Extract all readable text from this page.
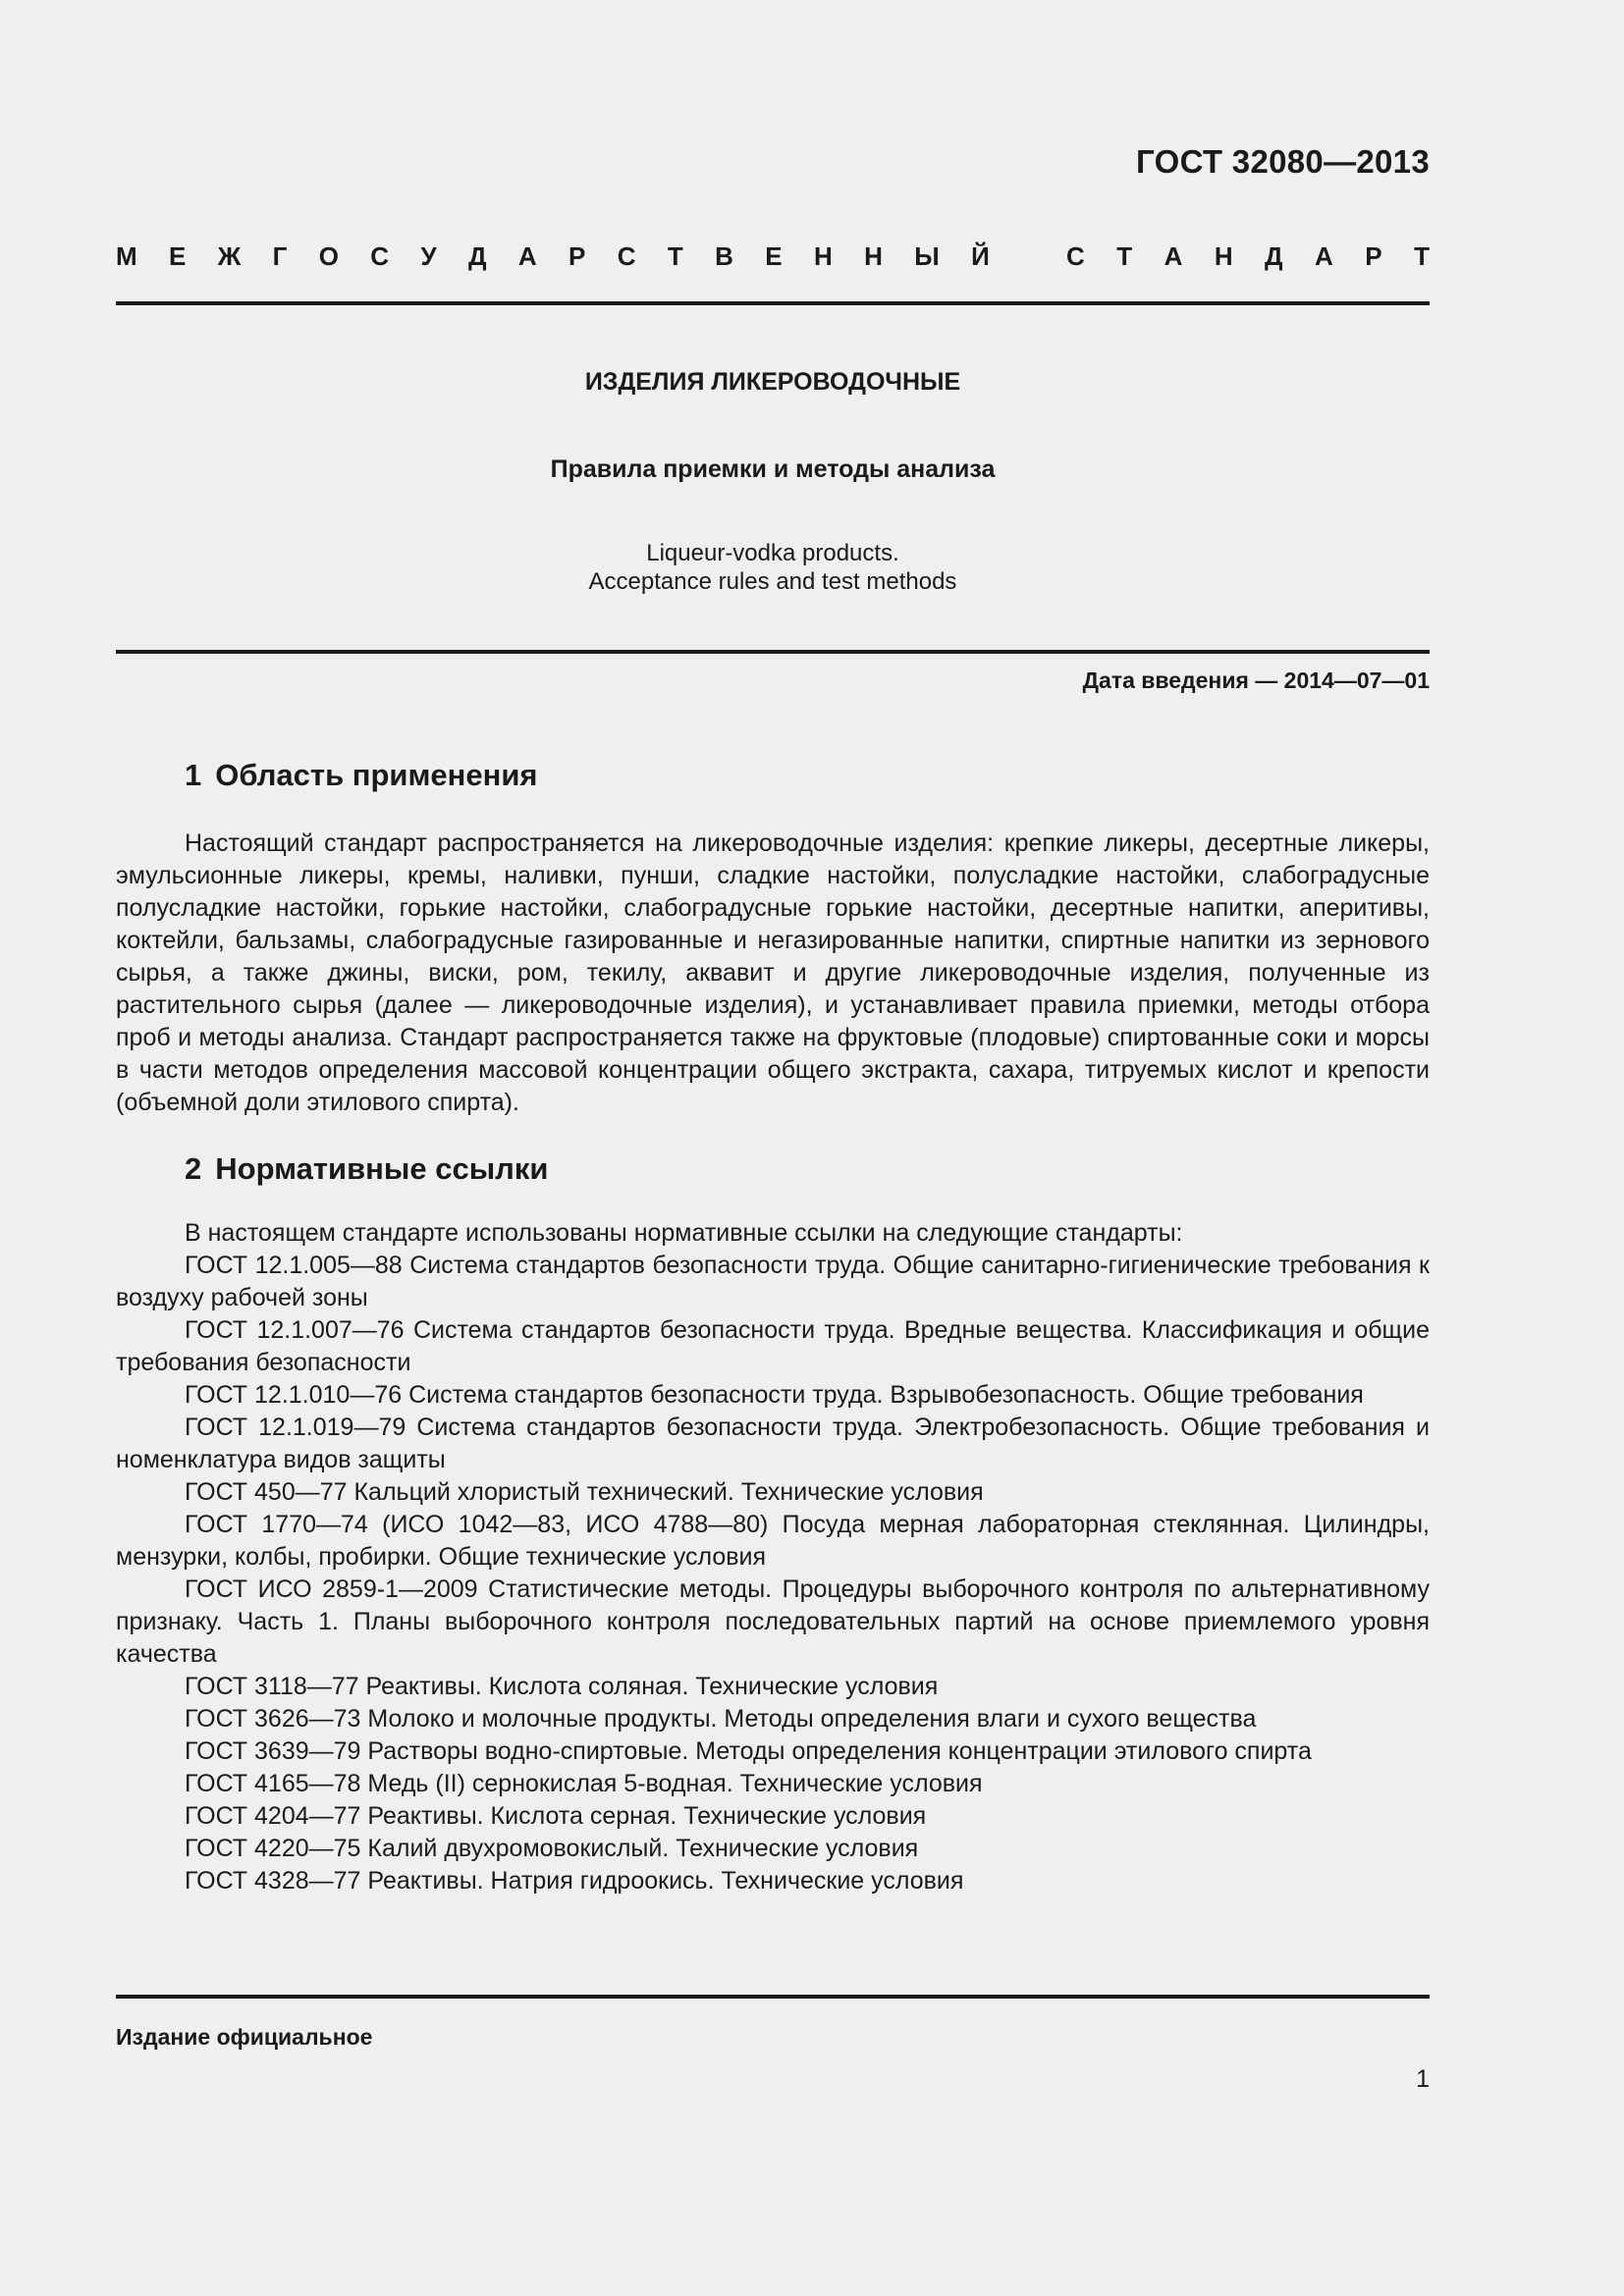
ГОСТ 32080—2013
М Е Ж Г О С У Д А Р С Т В Е Н Н Ы Й	С Т А Н Д А Р Т
ИЗДЕЛИЯ ЛИКЕРОВОДОЧНЫЕ
Правила приемки и методы анализа
Liqueur-vodka products.
Acceptance rules and test methods
Дата введения — 2014—07—01
1 Область применения

Настоящий стандарт распространяется на ликероводочные изделия: крепкие ликеры, десертные ликеры, эмульсионные ликеры, кремы, наливки, пунши, сладкие настойки, полусладкие настойки, слабоградусные полусладкие настойки, горькие настойки, слабоградусные горькие настойки, десертные напитки, аперитивы, коктейли, бальзамы, слабоградусные газированные и негазированные напитки, спиртные напитки из зернового сырья, а также джины, виски, ром, текилу, аквавит и другие ликероводочные изделия, полученные из растительного сырья (далее — ликероводочные изделия), и устанавливает правила приемки, методы отбора проб и методы анализа. Стандарт распространяется также на фруктовые (плодовые) спиртованные соки и морсы в части методов определения массовой концентрации общего экстракта, сахара, титруемых кислот и крепости (объемной доли этилового спирта).

2 Нормативные ссылки

В настоящем стандарте использованы нормативные ссылки на следующие стандарты:

ГОСТ 12.1.005—88 Система стандартов безопасности труда. Общие санитарно-гигиенические требования к воздуху рабочей зоны

ГОСТ 12.1.007—76 Система стандартов безопасности труда. Вредные вещества. Классификация и общие требования безопасности

ГОСТ 12.1.010—76 Система стандартов безопасности труда. Взрывобезопасность. Общие требования

ГОСТ 12.1.019—79 Система стандартов безопасности труда. Электробезопасность. Общие требования и номенклатура видов защиты

ГОСТ 450—77 Кальций хлористый технический. Технические условия

ГОСТ 1770—74 (ИСО 1042—83, ИСО 4788—80) Посуда мерная лабораторная стеклянная. Цилиндры, мензурки, колбы, пробирки. Общие технические условия

ГОСТ ИСО 2859-1—2009 Статистические методы. Процедуры выборочного контроля по альтернативному признаку. Часть 1. Планы выборочного контроля последовательных партий на основе приемлемого уровня качества

ГОСТ 3118—77 Реактивы. Кислота соляная. Технические условия

ГОСТ 3626—73 Молоко и молочные продукты. Методы определения влаги и сухого вещества

ГОСТ 3639—79 Растворы водно-спиртовые. Методы определения концентрации этилового спирта

ГОСТ 4165—78 Медь (II) сернокислая 5-водная. Технические условия

ГОСТ 4204—77 Реактивы. Кислота серная. Технические условия

ГОСТ 4220—75 Калий двухромовокислый. Технические условия

ГОСТ 4328—77 Реактивы. Натрия гидроокись. Технические условия

Издание официальное
1
